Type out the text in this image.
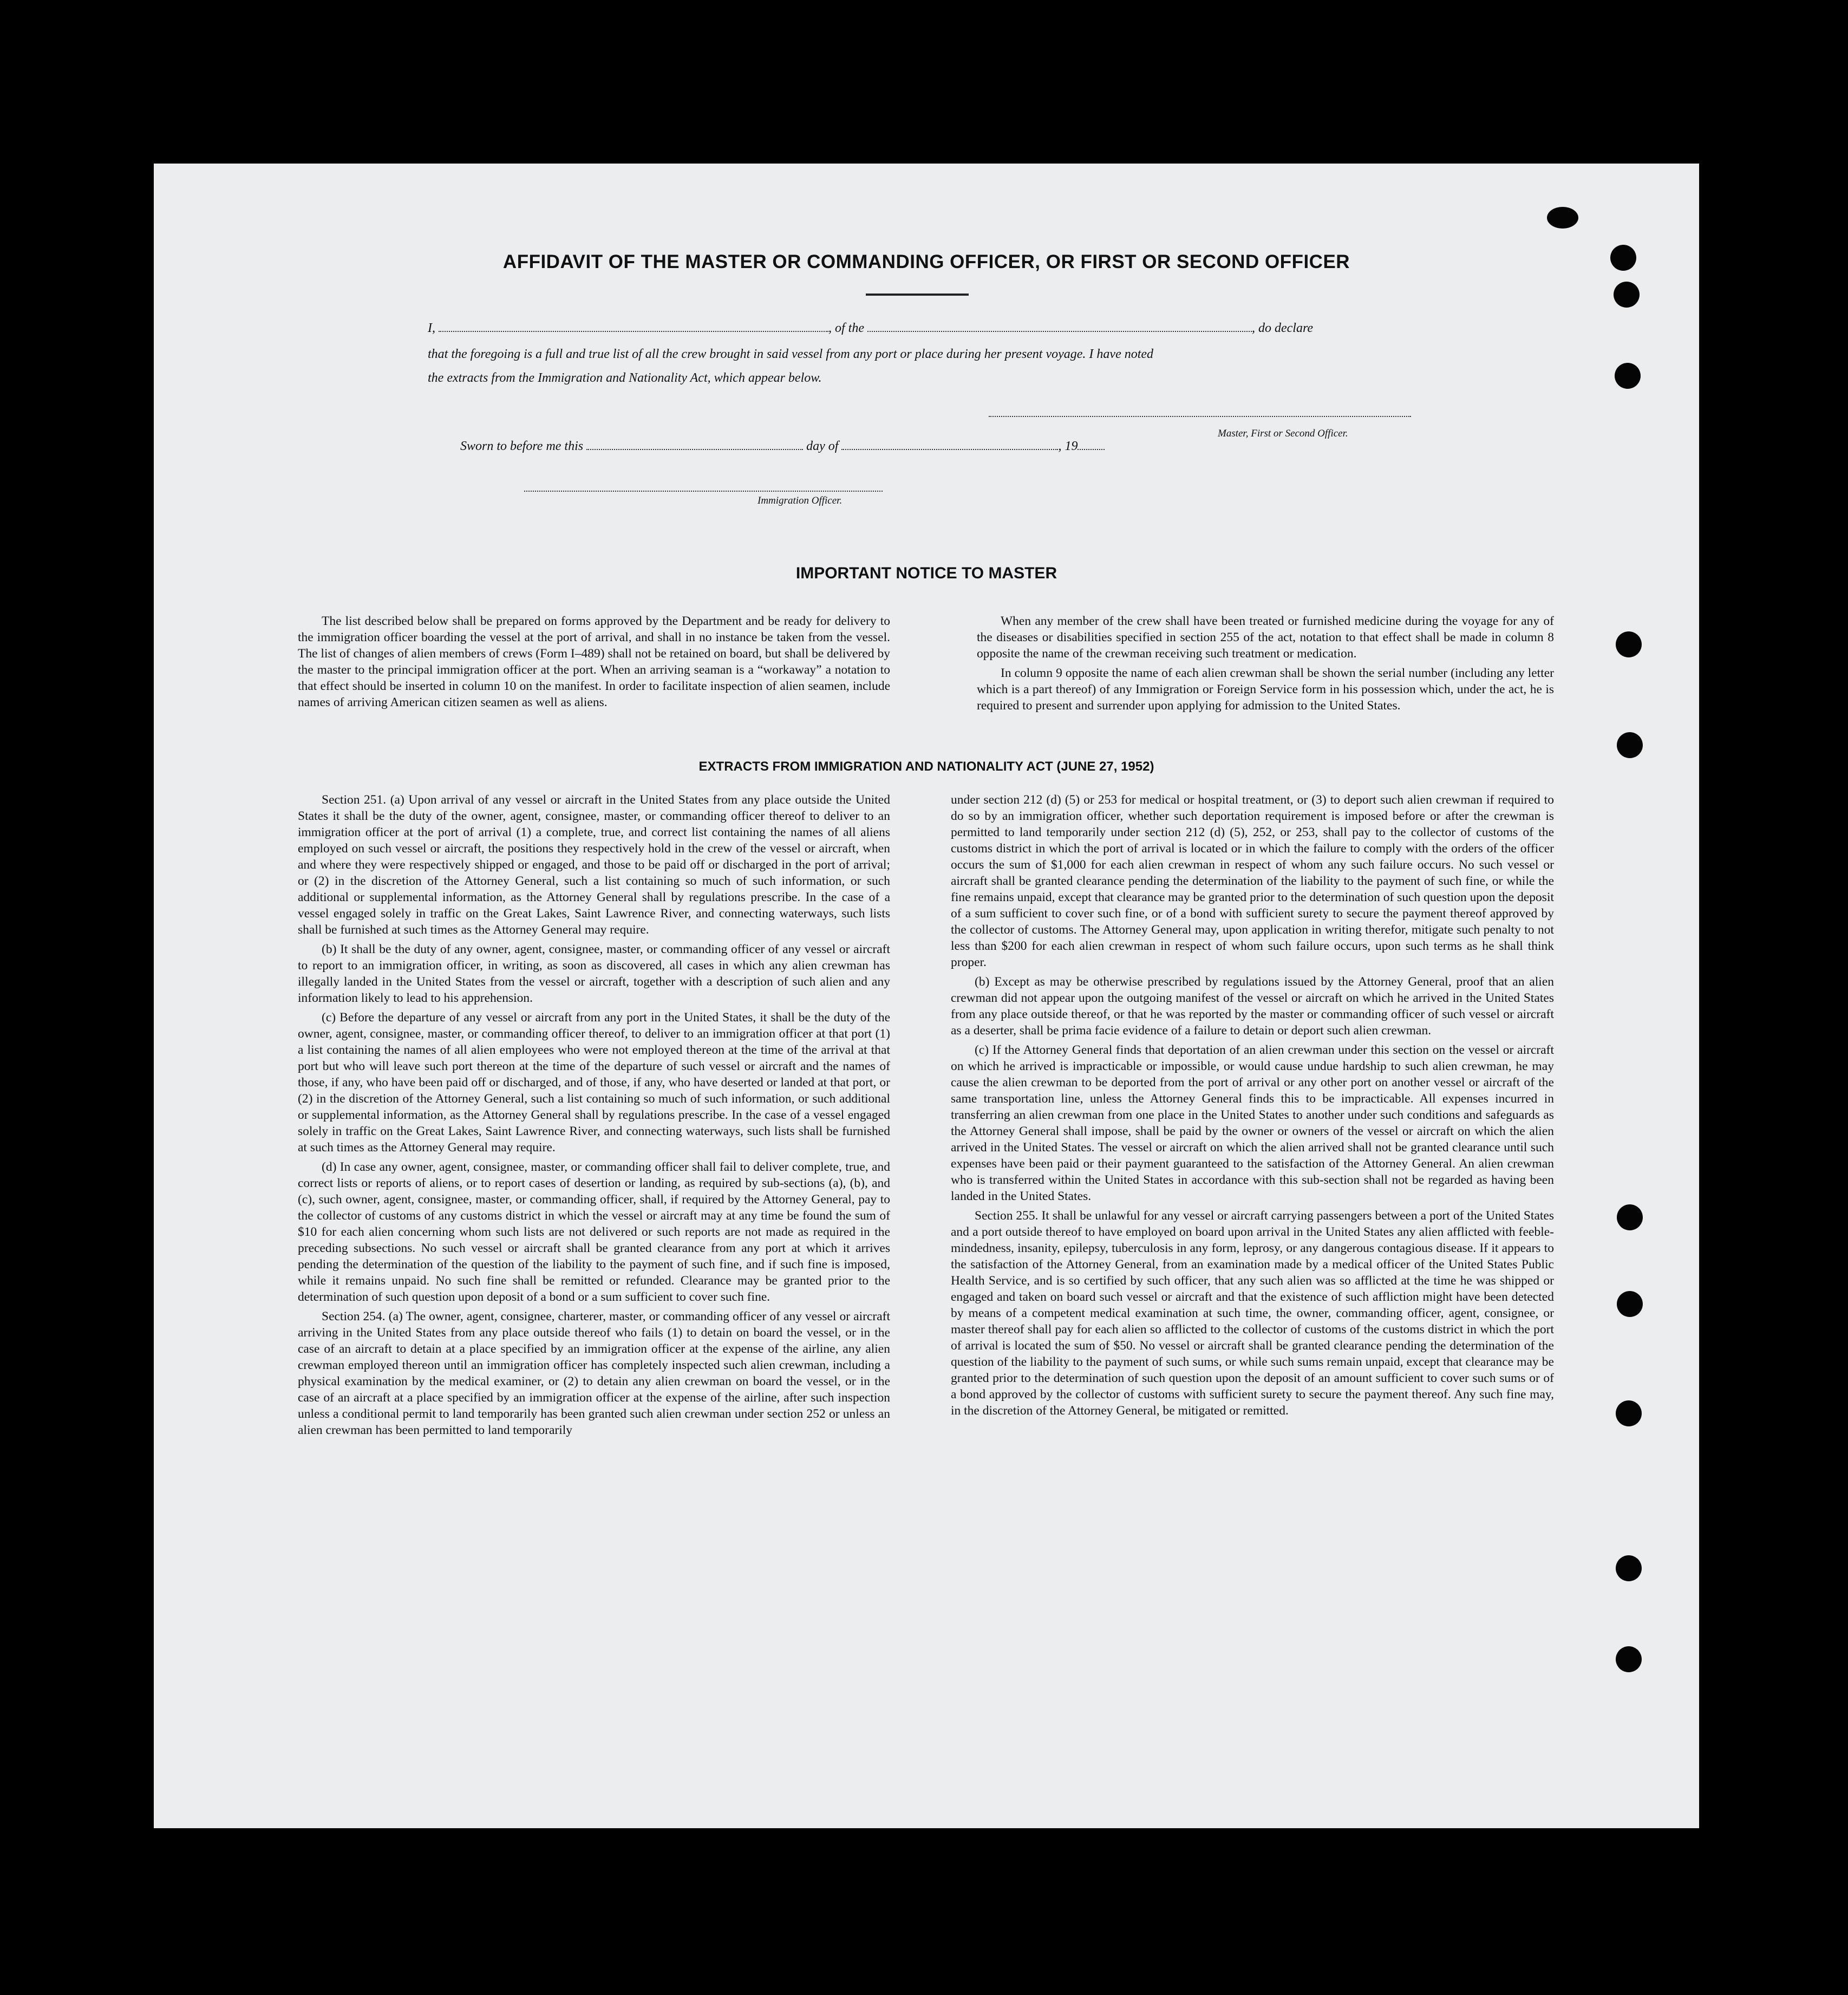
AFFIDAVIT OF THE MASTER OR COMMANDING OFFICER, OR FIRST OR SECOND OFFICER
I,	, of the	, do declare
that the foregoing is a full and true list of all the crew brought in said vessel from any port or place during her present voyage. I have noted
the extracts from the Immigration and Nationality Act, which appear below.
Master, First or Second Officer.
Sworn to before me this	day of	, 19
Immigration Officer.
IMPORTANT NOTICE TO MASTER

The list described below shall be prepared on forms approved by the Department and be ready for delivery to the immigration officer boarding the vessel at the port of arrival, and shall in no instance be taken from the vessel. The list of changes of alien members of crews (Form I–489) shall not be retained on board, but shall be delivered by the master to the principal immigration officer at the port. When an arriving seaman is a “workaway” a notation to that effect should be inserted in column 10 on the manifest. In order to facilitate inspection of alien seamen, include names of arriving American citizen seamen as well as aliens.

When any member of the crew shall have been treated or furnished medicine during the voyage for any of the diseases or disabilities specified in section 255 of the act, notation to that effect shall be made in column 8 opposite the name of the crewman receiving such treatment or medication.

In column 9 opposite the name of each alien crewman shall be shown the serial number (including any letter which is a part thereof) of any Immigration or Foreign Service form in his possession which, under the act, he is required to present and surrender upon applying for admission to the United States.

EXTRACTS FROM IMMIGRATION AND NATIONALITY ACT (JUNE 27, 1952)

Section 251. (a) Upon arrival of any vessel or aircraft in the United States from any place outside the United States it shall be the duty of the owner, agent, consignee, master, or commanding officer thereof to deliver to an immigration officer at the port of arrival (1) a complete, true, and correct list containing the names of all aliens employed on such vessel or aircraft, the positions they respectively hold in the crew of the vessel or aircraft, when and where they were respectively shipped or engaged, and those to be paid off or discharged in the port of arrival; or (2) in the discretion of the Attorney General, such a list containing so much of such information, or such additional or supplemental information, as the Attorney General shall by regulations prescribe. In the case of a vessel engaged solely in traffic on the Great Lakes, Saint Lawrence River, and connecting waterways, such lists shall be furnished at such times as the Attorney General may require.

(b) It shall be the duty of any owner, agent, consignee, master, or commanding officer of any vessel or aircraft to report to an immigration officer, in writing, as soon as discovered, all cases in which any alien crewman has illegally landed in the United States from the vessel or aircraft, together with a description of such alien and any information likely to lead to his apprehension.

(c) Before the departure of any vessel or aircraft from any port in the United States, it shall be the duty of the owner, agent, consignee, master, or commanding officer thereof, to deliver to an immigration officer at that port (1) a list containing the names of all alien employees who were not employed thereon at the time of the arrival at that port but who will leave such port thereon at the time of the departure of such vessel or aircraft and the names of those, if any, who have been paid off or discharged, and of those, if any, who have deserted or landed at that port, or (2) in the discretion of the Attorney General, such a list containing so much of such information, or such additional or supplemental information, as the Attorney General shall by regulations prescribe. In the case of a vessel engaged solely in traffic on the Great Lakes, Saint Lawrence River, and connecting waterways, such lists shall be furnished at such times as the Attorney General may require.

(d) In case any owner, agent, consignee, master, or commanding officer shall fail to deliver complete, true, and correct lists or reports of aliens, or to report cases of desertion or landing, as required by sub-sections (a), (b), and (c), such owner, agent, consignee, master, or commanding officer, shall, if required by the Attorney General, pay to the collector of customs of any customs district in which the vessel or aircraft may at any time be found the sum of $10 for each alien concerning whom such lists are not delivered or such reports are not made as required in the preceding subsections. No such vessel or aircraft shall be granted clearance from any port at which it arrives pending the determination of the question of the liability to the payment of such fine, and if such fine is imposed, while it remains unpaid. No such fine shall be remitted or refunded. Clearance may be granted prior to the determination of such question upon deposit of a bond or a sum sufficient to cover such fine.

Section 254. (a) The owner, agent, consignee, charterer, master, or commanding officer of any vessel or aircraft arriving in the United States from any place outside thereof who fails (1) to detain on board the vessel, or in the case of an aircraft to detain at a place specified by an immigration officer at the expense of the airline, any alien crewman employed thereon until an immigration officer has completely inspected such alien crewman, including a physical examination by the medical examiner, or (2) to detain any alien crewman on board the vessel, or in the case of an aircraft at a place specified by an immigration officer at the expense of the airline, after such inspection unless a conditional permit to land temporarily has been granted such alien crewman under section 252 or unless an alien crewman has been permitted to land temporarily

under section 212 (d) (5) or 253 for medical or hospital treatment, or (3) to deport such alien crewman if required to do so by an immigration officer, whether such deportation requirement is imposed before or after the crewman is permitted to land temporarily under section 212 (d) (5), 252, or 253, shall pay to the collector of customs of the customs district in which the port of arrival is located or in which the failure to comply with the orders of the officer occurs the sum of $1,000 for each alien crewman in respect of whom any such failure occurs. No such vessel or aircraft shall be granted clearance pending the determination of the liability to the payment of such fine, or while the fine remains unpaid, except that clearance may be granted prior to the determination of such question upon the deposit of a sum sufficient to cover such fine, or of a bond with sufficient surety to secure the payment thereof approved by the collector of customs. The Attorney General may, upon application in writing therefor, mitigate such penalty to not less than $200 for each alien crewman in respect of whom such failure occurs, upon such terms as he shall think proper.

(b) Except as may be otherwise prescribed by regulations issued by the Attorney General, proof that an alien crewman did not appear upon the outgoing manifest of the vessel or aircraft on which he arrived in the United States from any place outside thereof, or that he was reported by the master or commanding officer of such vessel or aircraft as a deserter, shall be prima facie evidence of a failure to detain or deport such alien crewman.

(c) If the Attorney General finds that deportation of an alien crewman under this section on the vessel or aircraft on which he arrived is impracticable or impossible, or would cause undue hardship to such alien crewman, he may cause the alien crewman to be deported from the port of arrival or any other port on another vessel or aircraft of the same transportation line, unless the Attorney General finds this to be impracticable. All expenses incurred in transferring an alien crewman from one place in the United States to another under such conditions and safeguards as the Attorney General shall impose, shall be paid by the owner or owners of the vessel or aircraft on which the alien arrived in the United States. The vessel or aircraft on which the alien arrived shall not be granted clearance until such expenses have been paid or their payment guaranteed to the satisfaction of the Attorney General. An alien crewman who is transferred within the United States in accordance with this sub-section shall not be regarded as having been landed in the United States.

Section 255. It shall be unlawful for any vessel or aircraft carrying passengers between a port of the United States and a port outside thereof to have employed on board upon arrival in the United States any alien afflicted with feeble-mindedness, insanity, epilepsy, tuberculosis in any form, leprosy, or any dangerous contagious disease. If it appears to the satisfaction of the Attorney General, from an examination made by a medical officer of the United States Public Health Service, and is so certified by such officer, that any such alien was so afflicted at the time he was shipped or engaged and taken on board such vessel or aircraft and that the existence of such affliction might have been detected by means of a competent medical examination at such time, the owner, commanding officer, agent, consignee, or master thereof shall pay for each alien so afflicted to the collector of customs of the customs district in which the port of arrival is located the sum of $50. No vessel or aircraft shall be granted clearance pending the determination of the question of the liability to the payment of such sums, or while such sums remain unpaid, except that clearance may be granted prior to the determination of such question upon the deposit of an amount sufficient to cover such sums or of a bond approved by the collector of customs with sufficient surety to secure the payment thereof. Any such fine may, in the discretion of the Attorney General, be mitigated or remitted.
